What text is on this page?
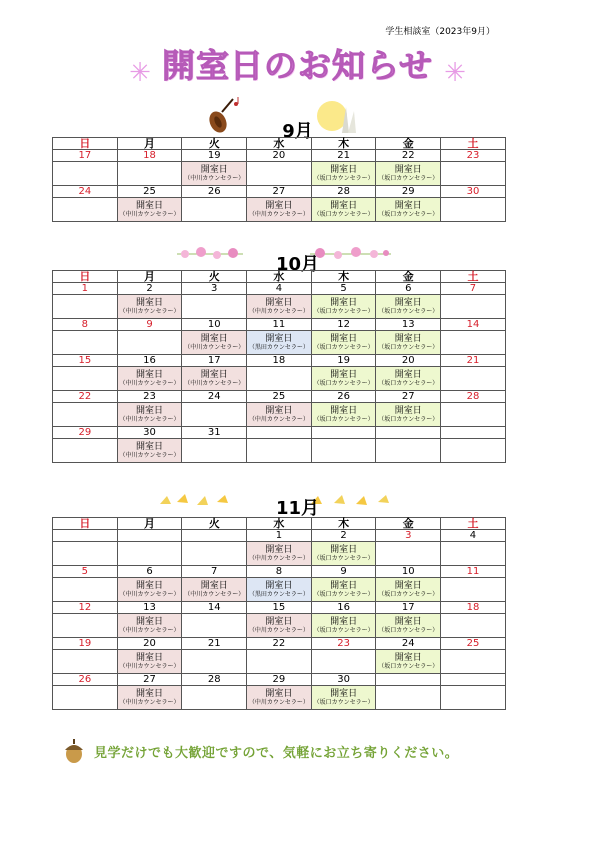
学生相談室（2023年9月）
✳ 開室日のお知らせ ✳
9月
日	月	火	水	木	金	土
17	18	19	20	21	22	23

		開室日
（中川カウンセラー）		開室日
（坂口カウンセラー）	開室日
（坂口カウンセラー）	

24	25	26	27	28	29	30

	開室日
（中川カウンセラー）		開室日
（中川カウンセラー）	開室日
（坂口カウンセラー）	開室日
（坂口カウンセラー）	

10月
日	月	火	水	木	金	土
1	2	3	4	5	6	7

	開室日
（中川カウンセラー）		開室日
（中川カウンセラー）	開室日
（坂口カウンセラー）	開室日
（坂口カウンセラー）	

8	9	10	11	12	13	14

		開室日
（中川カウンセラー）	開室日
（黒田カウンセラー）	開室日
（坂口カウンセラー）	開室日
（坂口カウンセラー）	

15	16	17	18	19	20	21

	開室日
（中川カウンセラー）	開室日
（中川カウンセラー）		開室日
（坂口カウンセラー）	開室日
（坂口カウンセラー）	

22	23	24	25	26	27	28

	開室日
（中川カウンセラー）		開室日
（中川カウンセラー）	開室日
（坂口カウンセラー）	開室日
（坂口カウンセラー）	

29	30	31				

	開室日
（中川カウンセラー）					

11月
日	月	火	水	木	金	土
			1	2	3	4

			開室日
（中川カウンセラー）	開室日
（坂口カウンセラー）		

5	6	7	8	9	10	11

	開室日
（中川カウンセラー）	開室日
（中川カウンセラー）	開室日
（黒田カウンセラー）	開室日
（坂口カウンセラー）	開室日
（坂口カウンセラー）	

12	13	14	15	16	17	18

	開室日
（中川カウンセラー）		開室日
（中川カウンセラー）	開室日
（坂口カウンセラー）	開室日
（坂口カウンセラー）	

19	20	21	22	23	24	25

	開室日
（中川カウンセラー）				開室日
（坂口カウンセラー）	

26	27	28	29	30		

	開室日
（中川カウンセラー）		開室日
（中川カウンセラー）	開室日
（坂口カウンセラー）		

見学だけでも大歓迎ですので、気軽にお立ち寄りください。
